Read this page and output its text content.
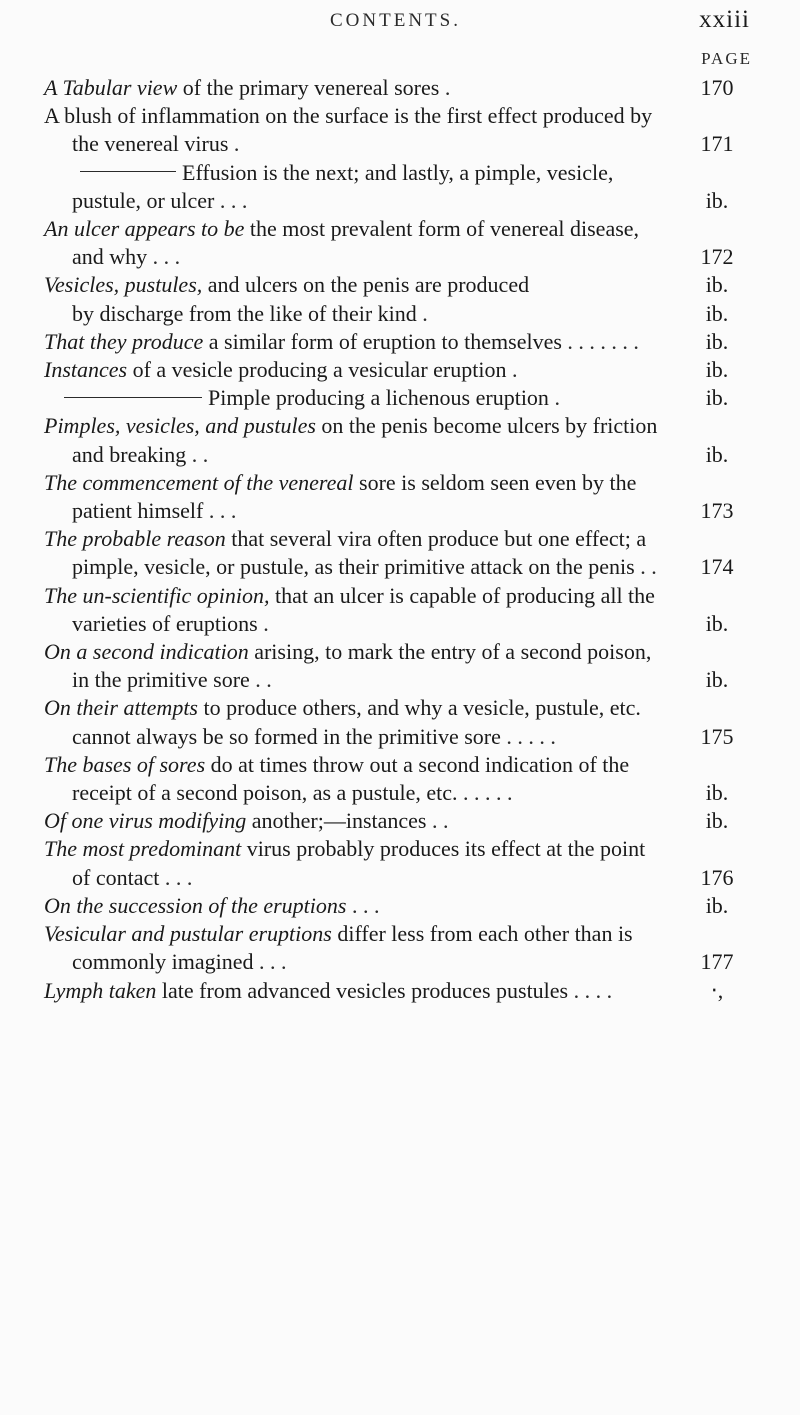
CONTENTS.	xxiii
PAGE
A Tabular view of the primary venereal sores .	170
A blush of inflammation on the surface is the first effect produced by the venereal virus .	171
Effusion is the next; and lastly, a pimple, vesicle, pustule, or ulcer . . .	ib.
An ulcer appears to be the most prevalent form of venereal disease, and why . . .	172
Vesicles, pustules, and ulcers on the penis are produced	ib.
by discharge from the like of their kind .	ib.
That they produce a similar form of eruption to themselves . . . . . . .	ib.
Instances of a vesicle producing a vesicular eruption .	ib.
Pimple producing a lichenous eruption .	ib.
Pimples, vesicles, and pustules on the penis become ulcers by friction and breaking . .	ib.
The commencement of the venereal sore is seldom seen even by the patient himself . . .	173
The probable reason that several vira often produce but one effect; a pimple, vesicle, or pustule, as their primitive attack on the penis . .	174
The un-scientific opinion, that an ulcer is capable of producing all the varieties of eruptions .	ib.
On a second indication arising, to mark the entry of a second poison, in the primitive sore . .	ib.
On their attempts to produce others, and why a vesicle, pustule, etc. cannot always be so formed in the primitive sore . . . . .	175
The bases of sores do at times throw out a second indication of the receipt of a second poison, as a pustule, etc. . . . . .	ib.
Of one virus modifying another;—instances . .	ib.
The most predominant virus probably produces its effect at the point of contact . . .	176
On the succession of the eruptions . . .	ib.
Vesicular and pustular eruptions differ less from each other than is commonly imagined . . .	177
Lymph taken late from advanced vesicles produces pustules . . . .	‧,
